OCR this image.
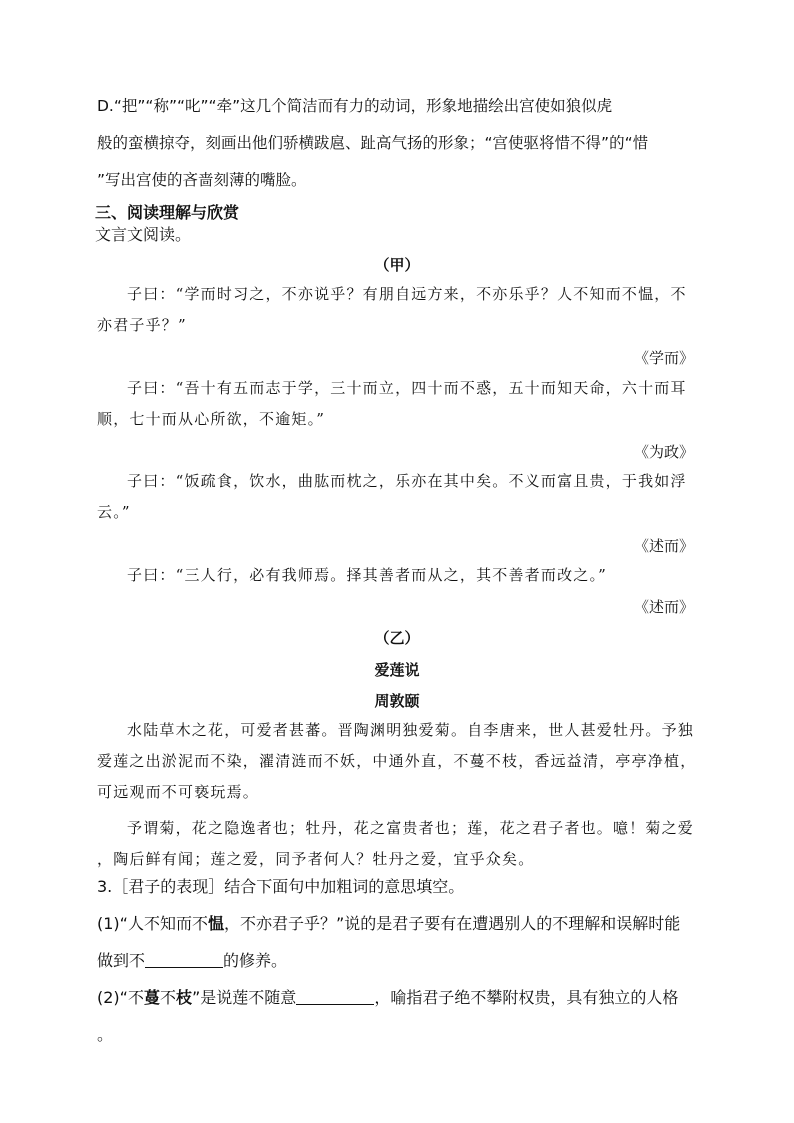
D.“把”“称”“叱”“牵”这几个简洁而有力的动词，形象地描绘出宫使如狼似虎
般的蛮横掠夺，刻画出他们骄横跋扈、趾高气扬的形象；“宫使驱将惜不得”的“惜
”写出宫使的吝啬刻薄的嘴脸。
三、阅读理解与欣赏
文言文阅读。
（甲）
子曰：“学而时习之，不亦说乎？有朋自远方来，不亦乐乎？人不知而不愠，不
亦君子乎？”
《学而》
子曰：“吾十有五而志于学，三十而立，四十而不惑，五十而知天命，六十而耳
顺，七十而从心所欲，不逾矩。”
《为政》
子曰：“饭疏食，饮水，曲肱而枕之，乐亦在其中矣。不义而富且贵，于我如浮
云。”
《述而》
子曰：“三人行，必有我师焉。择其善者而从之，其不善者而改之。”
《述而》
（乙）
爱莲说
周敦颐
水陆草木之花，可爱者甚蕃。晋陶渊明独爱菊。自李唐来，世人甚爱牡丹。予独
爱莲之出淤泥而不染，濯清涟而不妖，中通外直，不蔓不枝，香远益清，亭亭净植，
可远观而不可亵玩焉。
予谓菊，花之隐逸者也；牡丹，花之富贵者也；莲，花之君子者也。噫！菊之爱
，陶后鲜有闻；莲之爱，同予者何人？牡丹之爱，宜乎众矣。
3.［君子的表现］结合下面句中加粗词的意思填空。
(1)“人不知而不愠，不亦君子乎？”说的是君子要有在遭遇别人的不理解和误解时能
做到不	的修养。
(2)“不蔓不枝”是说莲不随意	，喻指君子绝不攀附权贵，具有独立的人格
。
